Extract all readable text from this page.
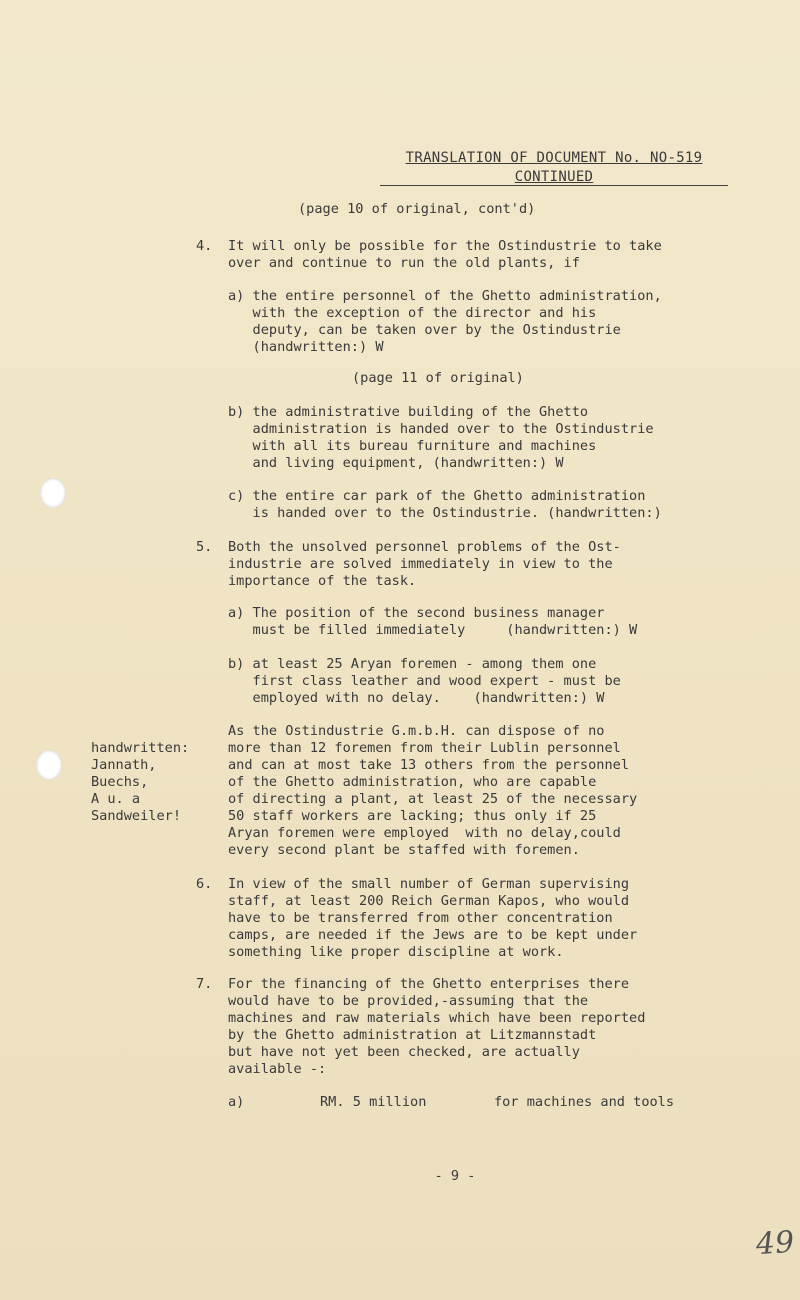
TRANSLATION OF DOCUMENT No. NO-519
CONTINUED
(page 10 of original, cont'd)
4. It will only be possible for the Ostindustrie to take
over and continue to run the old plants, if
a) the entire personnel of the Ghetto administration,
with the exception of the director and his
deputy, can be taken over by the Ostindustrie
(handwritten:) W
(page 11 of original)
b) the administrative building of the Ghetto
administration is handed over to the Ostindustrie
with all its bureau furniture and machines
and living equipment, (handwritten:) W
c) the entire car park of the Ghetto administration
is handed over to the Ostindustrie. (handwritten:)
5. Both the unsolved personnel problems of the Ost-
industrie are solved immediately in view to the
importance of the task.
a) The position of the second business manager
must be filled immediately     (handwritten:) W
b) at least 25 Aryan foremen - among them one
first class leather and wood expert - must be
employed with no delay.    (handwritten:) W
As the Ostindustrie G.m.b.H. can dispose of no
more than 12 foremen from their Lublin personnel
and can at most take 13 others from the personnel
of the Ghetto administration, who are capable
of directing a plant, at least 25 of the necessary
50 staff workers are lacking; thus only if 25
Aryan foremen were employed  with no delay,could
every second plant be staffed with foremen.
handwritten:
Jannath,
Buechs,
A u. a
Sandweiler!
6. In view of the small number of German supervising
staff, at least 200 Reich German Kapos, who would
have to be transferred from other concentration
camps, are needed if the Jews are to be kept under
something like proper discipline at work.
7. For the financing of the Ghetto enterprises there
would have to be provided,-assuming that the
machines and raw materials which have been reported
by the Ghetto administration at Litzmannstadt
but have not yet been checked, are actually
available -:
a)	RM. 5 million	for machines and tools
- 9 -
49
